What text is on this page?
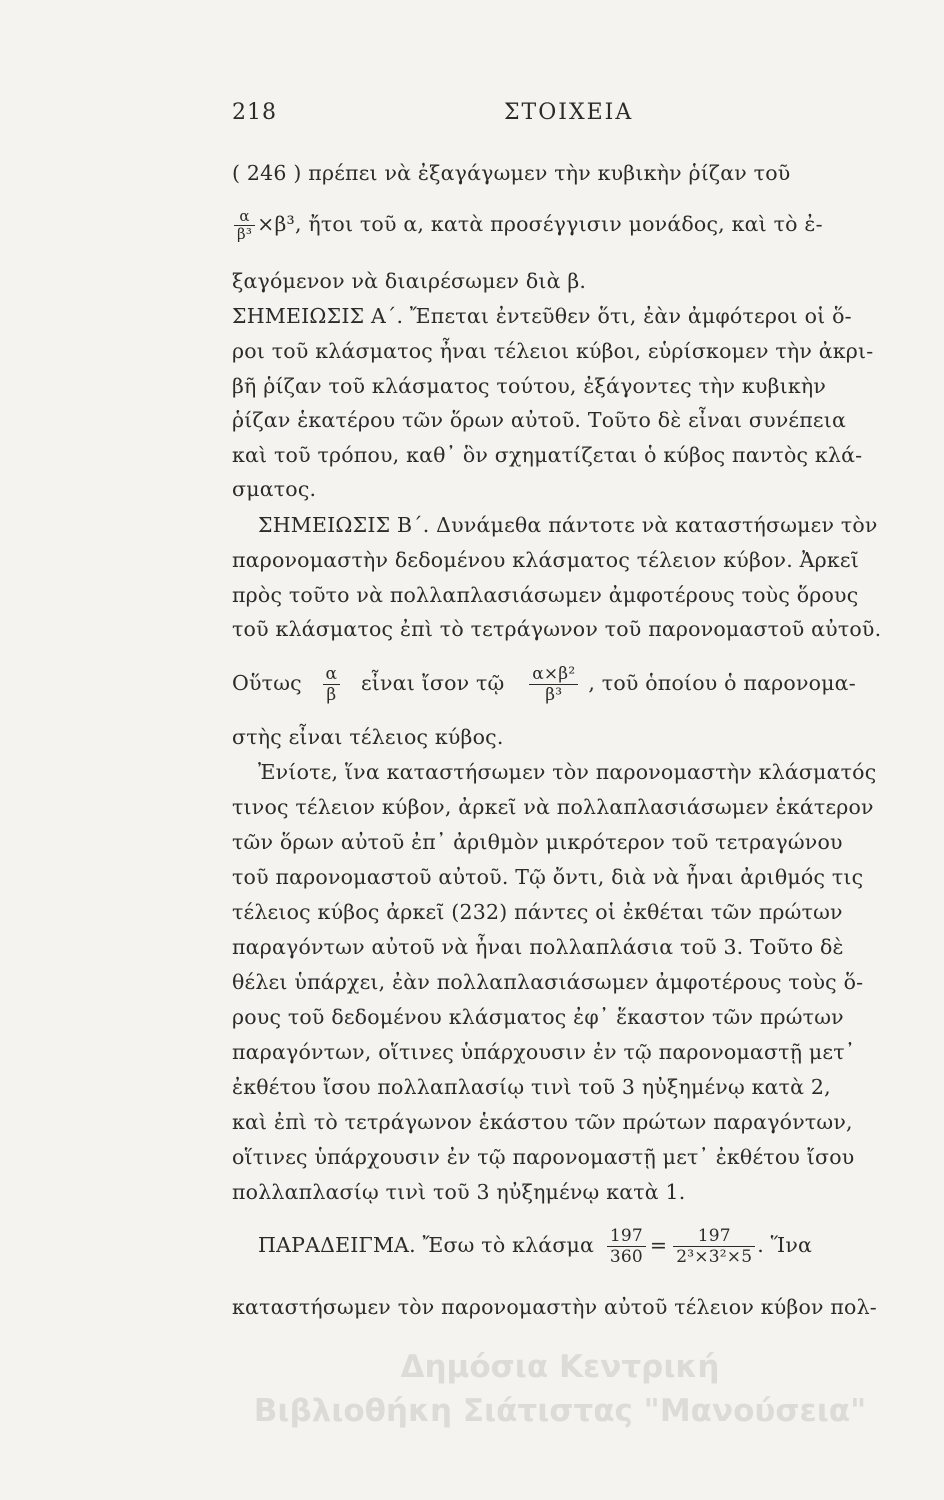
218	ΣΤΟΙΧΕΙΑ
( 246 ) πρέπει νὰ ἐξαγάγωμεν τὴν κυβικὴν ῥίζαν τοῦ
$\frac{\alpha}{\text{β³}} \times\beta^3$, ἤτοι τοῦ α, κατὰ προσέγγισιν μονάδος, καὶ τὸ ἐ-
ξαγόμενον νὰ διαιρέσωμεν διὰ β.
ΣΗΜΕΙΩΣΙΣ Α΄. Ἔπεται ἐντεῦθεν ὅτι, ἐὰν ἀμφότεροι οἱ ὅ-
ροι τοῦ κλάσματος ἦναι τέλειοι κύβοι, εὑρίσκομεν τὴν ἀκρι-
βῆ ῥίζαν τοῦ κλάσματος τούτου, ἐξάγοντες τὴν κυβικὴν
ῥίζαν ἑκατέρου τῶν ὅρων αὐτοῦ. Τοῦτο δὲ εἶναι συνέπεια
καὶ τοῦ τρόπου, καθ᾽ ὃν σχηματίζεται ὁ κύβος παντὸς κλά-
σματος.
ΣΗΜΕΙΩΣΙΣ Β΄. Δυνάμεθα πάντοτε νὰ καταστήσωμεν τὸν
παρονομαστὴν δεδομένου κλάσματος τέλειον κύβον. Ἀρκεῖ
πρὸς τοῦτο νὰ πολλαπλασιάσωμεν ἀμφοτέρους τοὺς ὅρους
τοῦ κλάσματος ἐπὶ τὸ τετράγωνον τοῦ παρονομαστοῦ αὐτοῦ.
Οὕτως $\frac{\alpha}{\beta}$ εἶναι ἴσον τῷ $\frac{\text{α×β²}}{\text{β³}}$ , τοῦ ὁποίου ὁ παρονομα-
στὴς εἶναι τέλειος κύβος.
Ἐνίοτε, ἵνα καταστήσωμεν τὸν παρονομαστὴν κλάσματός
τινος τέλειον κύβον, ἀρκεῖ νὰ πολλαπλασιάσωμεν ἑκάτερον
τῶν ὅρων αὐτοῦ ἐπ᾽ ἀριθμὸν μικρότερον τοῦ τετραγώνου
τοῦ παρονομαστοῦ αὐτοῦ. Τῷ ὄντι, διὰ νὰ ἦναι ἀριθμός τις
τέλειος κύβος ἀρκεῖ (232) πάντες οἱ ἐκθέται τῶν πρώτων
παραγόντων αὐτοῦ νὰ ἦναι πολλαπλάσια τοῦ 3. Τοῦτο δὲ
θέλει ὑπάρχει, ἐὰν πολλαπλασιάσωμεν ἀμφοτέρους τοὺς ὅ-
ρους τοῦ δεδομένου κλάσματος ἐφ᾽ ἕκαστον τῶν πρώτων
παραγόντων, οἵτινες ὑπάρχουσιν ἐν τῷ παρονομαστῇ μετ᾽
ἐκθέτου ἴσου πολλαπλασίῳ τινὶ τοῦ 3 ηὐξημένῳ κατὰ 2,
καὶ ἐπὶ τὸ τετράγωνον ἑκάστου τῶν πρώτων παραγόντων,
οἵτινες ὑπάρχουσιν ἐν τῷ παρονομαστῇ μετ᾽ ἐκθέτου ἴσου
πολλαπλασίῳ τινὶ τοῦ 3 ηὐξημένῳ κατὰ 1.
ΠΑΡΑΔΕΙΓΜΑ. Ἔσω τὸ κλάσμα $\frac{197}{360} = \frac{197}{\text{2³×3²×5}}$ . Ἵνα
καταστήσωμεν τὸν παρονομαστὴν αὐτοῦ τέλειον κύβον πολ-
Δημόσια Κεντρική
Βιβλιοθήκη Σιάτιστας "Μανούσεια"
